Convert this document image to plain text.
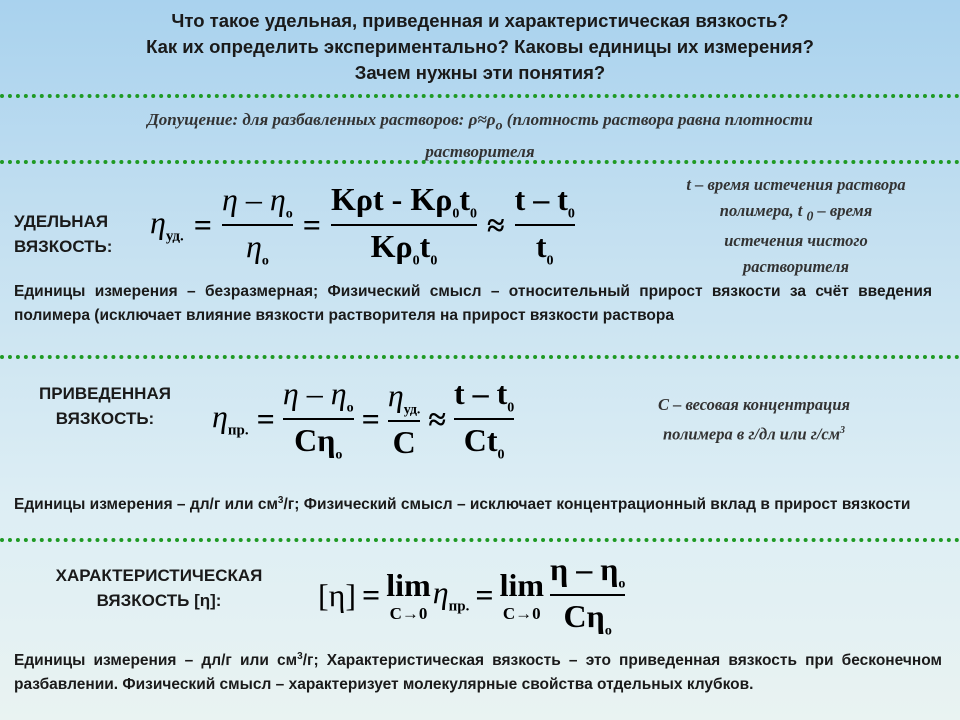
Что такое удельная, приведенная и характеристическая вязкость?
Как их определить экспериментально? Каковы единицы их измерения?
Зачем нужны эти понятия?
Допущение: для разбавленных растворов: $\rho\approx\rho_о$ (плотность раствора равна плотности
растворителя
УДЕЛЬНАЯ
ВЯЗКОСТЬ:
$\eta_{уд.} = \frac{\eta - \eta_о}{\eta_о} = \frac{K\rho t - K\rho_0t_0}{K\rho_0t_0} \approx \frac{t - t_0}{t_0}$	t – время истечения раствора
полимера, t $_0$ – время
истечения чистого
растворителя
Единицы измерения – безразмерная; Физический смысл – относительный прирост вязкости за счёт введения полимера (исключает влияние вязкости растворителя на прирост вязкости раствора
ПРИВЕДЕННАЯ
ВЯЗКОСТЬ:	$\eta_{пр.} = \frac{\eta - \eta_о}{C\eta_о} = \frac{\eta_{уд.}}{C} \approx \frac{t - t_0}{Ct_0}$	С – весовая концентрация
полимера в г/дл или $г/см^3$
Единицы измерения – дл/г или $см^3/г$; Физический смысл – исключает концентрационный вклад в прирост вязкости
ХАРАКТЕРИСТИЧЕСКАЯ
ВЯЗКОСТЬ [η]:	[η] = lim
C→0
$\eta_{пр.} = \lim$
$C\to 0 \frac{\eta - \eta_о}{C\eta_о}$
Единицы измерения – дл/г или $см^3/г$; Характеристическая вязкость – это приведенная вязкость при бесконечном разбавлении. Физический смысл – характеризует молекулярные свойства отдельных клубков.
